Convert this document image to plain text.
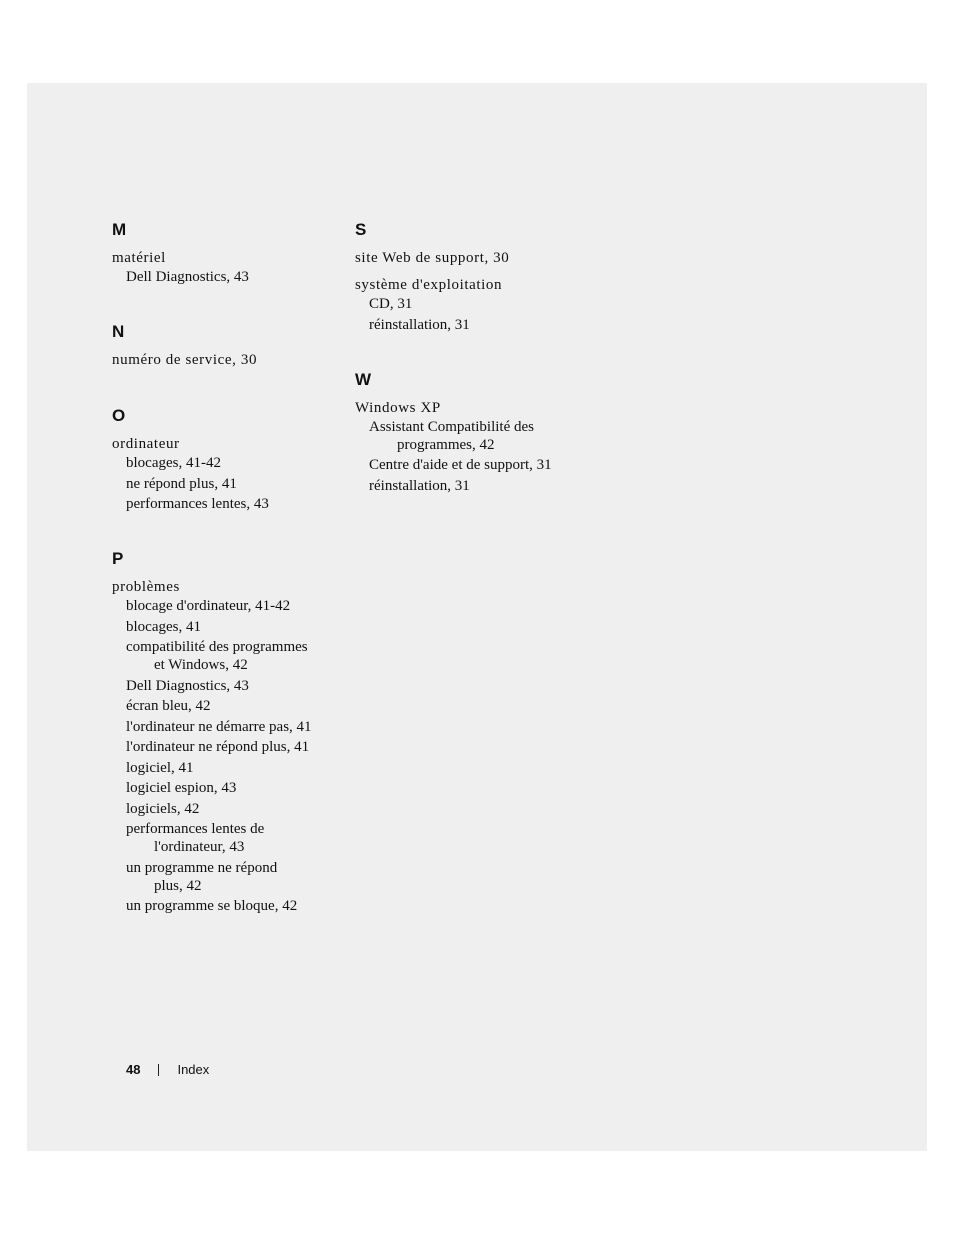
M
matériel
Dell Diagnostics, 43
N
numéro de service, 30
O
ordinateur
blocages, 41-42
ne répond plus, 41
performances lentes, 43
P
problèmes
blocage d'ordinateur, 41-42
blocages, 41
compatibilité des programmes
et Windows, 42
Dell Diagnostics, 43
écran bleu, 42
l'ordinateur ne démarre pas, 41
l'ordinateur ne répond plus, 41
logiciel, 41
logiciel espion, 43
logiciels, 42
performances lentes de
l'ordinateur, 43
un programme ne répond
plus, 42
un programme se bloque, 42
S
site Web de support, 30
système d'exploitation
CD, 31
réinstallation, 31
W
Windows XP
Assistant Compatibilité des
programmes, 42
Centre d'aide et de support, 31
réinstallation, 31
48	Index
